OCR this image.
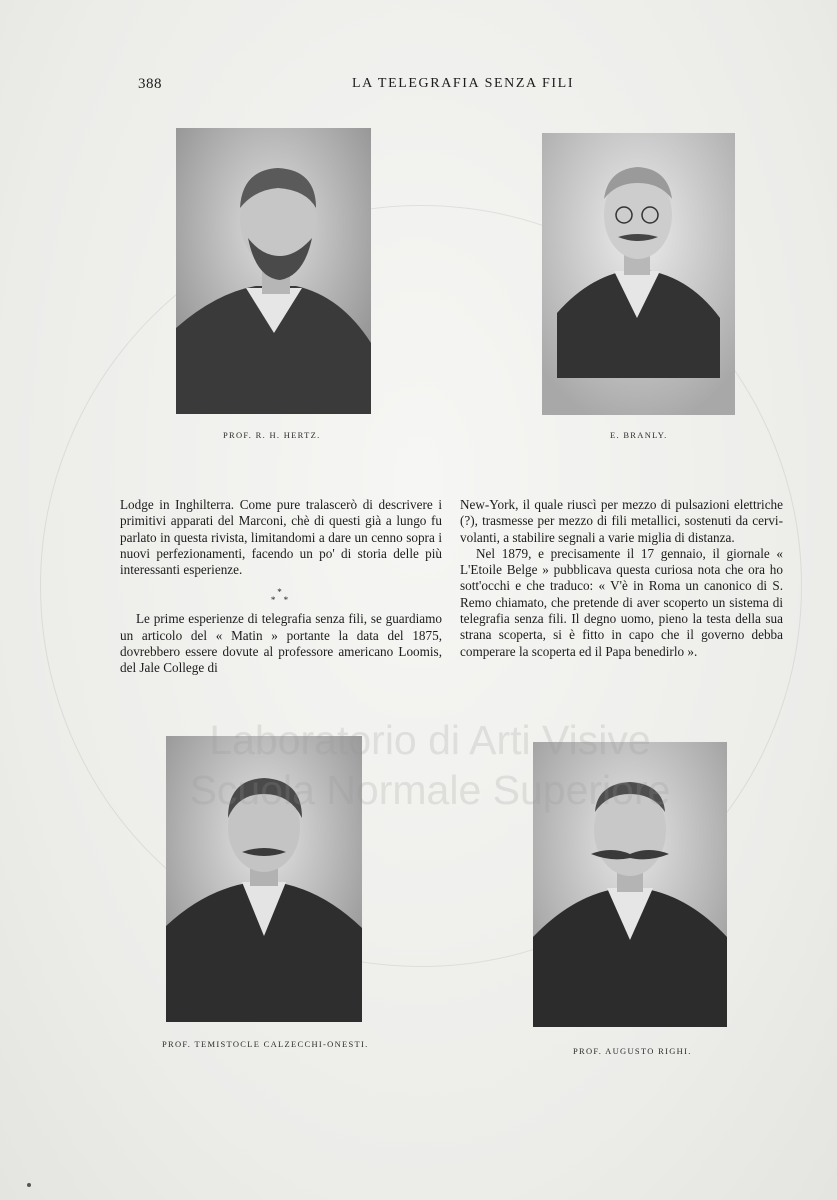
388	LA TELEGRAFIA SENZA FILI
PROF. R. H. HERTZ.	E. BRANLY.

Lodge in Inghilterra. Come pure tralascerò di descrivere i primitivi apparati del Marconi, chè di questi già a lungo fu parlato in questa rivista, limitandomi a dare un cenno sopra i nuovi perfezionamenti, facendo un po' di storia delle più interessanti esperienze.

*
* *

Le prime esperienze di telegrafia senza fili, se guardiamo un articolo del « Matin » portante la data del 1875, dovrebbero essere dovute al professore americano Loomis, del Jale College di

New-York, il quale riuscì per mezzo di pulsazioni elettriche (?), trasmesse per mezzo di fili metallici, sostenuti da cervi-volanti, a stabilire segnali a varie miglia di distanza.

Nel 1879, e precisamente il 17 gennaio, il giornale « L'Etoile Belge » pubblicava questa curiosa nota che ora ho sott'occhi e che traduco: « V'è in Roma un canonico di S. Remo chiamato, che pretende di aver scoperto un sistema di telegrafia senza fili. Il degno uomo, pieno la testa della sua strana scoperta, si è fitto in capo che il governo debba comperare la scoperta ed il Papa benedirlo ».

PROF. TEMISTOCLE CALZECCHI-ONESTI.
PROF. AUGUSTO RIGHI.
Laboratorio di Arti Visive
Scuola Normale Superiore
